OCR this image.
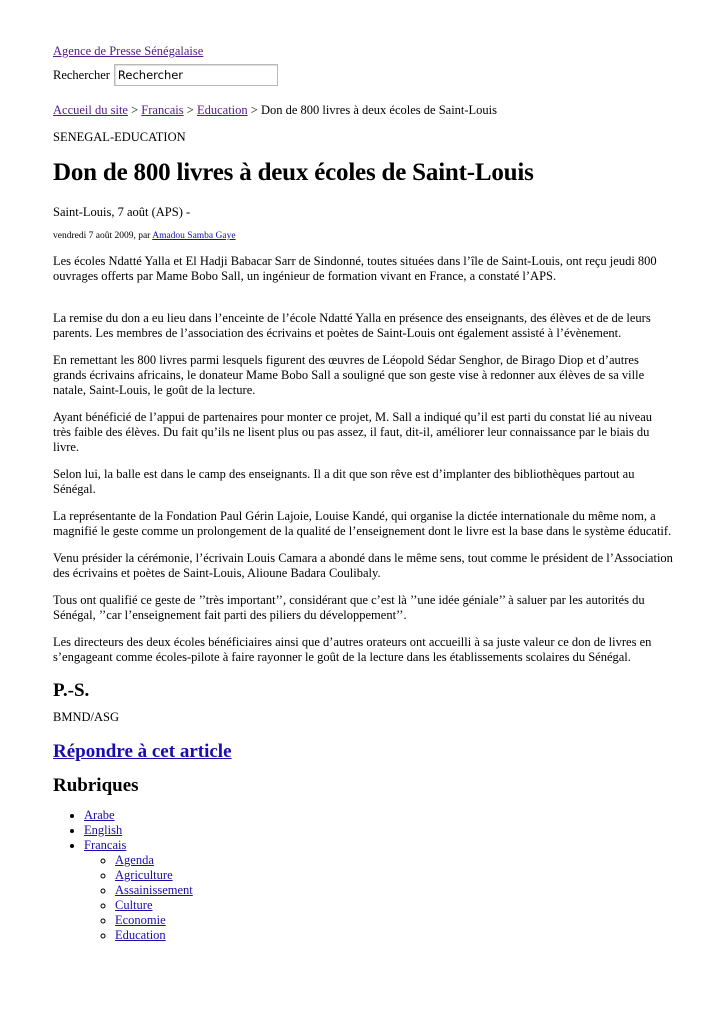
Agence de Presse Sénégalaise
Rechercher
Rechercher
Accueil du site > Francais > Education > Don de 800 livres à deux écoles de Saint-Louis
SENEGAL-EDUCATION
Don de 800 livres à deux écoles de Saint-Louis
Saint-Louis, 7 août (APS) -
vendredi 7 août 2009, par Amadou Samba Gaye

Les écoles Ndatté Yalla et El Hadji Babacar Sarr de Sindonné, toutes situées dans l’île de Saint-Louis, ont reçu jeudi 800 ouvrages offerts par Mame Bobo Sall, un ingénieur de formation vivant en France, a constaté l’APS.

La remise du don a eu lieu dans l’enceinte de l’école Ndatté Yalla en présence des enseignants, des élèves et de de leurs parents. Les membres de l’association des écrivains et poètes de Saint-Louis ont également assisté à l’évènement.

En remettant les 800 livres parmi lesquels figurent des œuvres de Léopold Sédar Senghor, de Birago Diop et d’autres grands écrivains africains, le donateur Mame Bobo Sall a souligné que son geste vise à redonner aux élèves de sa ville natale, Saint-Louis, le goût de la lecture.

Ayant bénéficié de l’appui de partenaires pour monter ce projet, M. Sall a indiqué qu’il est parti du constat lié au niveau très faible des élèves. Du fait qu’ils ne lisent plus ou pas assez, il faut, dit-il, améliorer leur connaissance par le biais du livre.

Selon lui, la balle est dans le camp des enseignants. Il a dit que son rêve est d’implanter des bibliothèques partout au Sénégal.

La représentante de la Fondation Paul Gérin Lajoie, Louise Kandé, qui organise la dictée internationale du même nom, a magnifié le geste comme un prolongement de la qualité de l’enseignement dont le livre est la base dans le système éducatif.

Venu présider la cérémonie, l’écrivain Louis Camara a abondé dans le même sens, tout comme le président de l’Association des écrivains et poètes de Saint-Louis, Alioune Badara Coulibaly.

Tous ont qualifié ce geste de ’’très important’’, considérant que c’est là ’’une idée géniale’’ à saluer par les autorités du Sénégal, ’’car l’enseignement fait parti des piliers du développement’’.

Les directeurs des deux écoles bénéficiaires ainsi que d’autres orateurs ont accueilli à sa juste valeur ce don de livres en s’engageant comme écoles-pilote à faire rayonner le goût de la lecture dans les établissements scolaires du Sénégal.

P.-S.
BMND/ASG
Répondre à cet article
Rubriques
• Arabe
• English
• Francais
◦ Agenda
◦ Agriculture
◦ Assainissement
◦ Culture
◦ Economie
◦ Education
